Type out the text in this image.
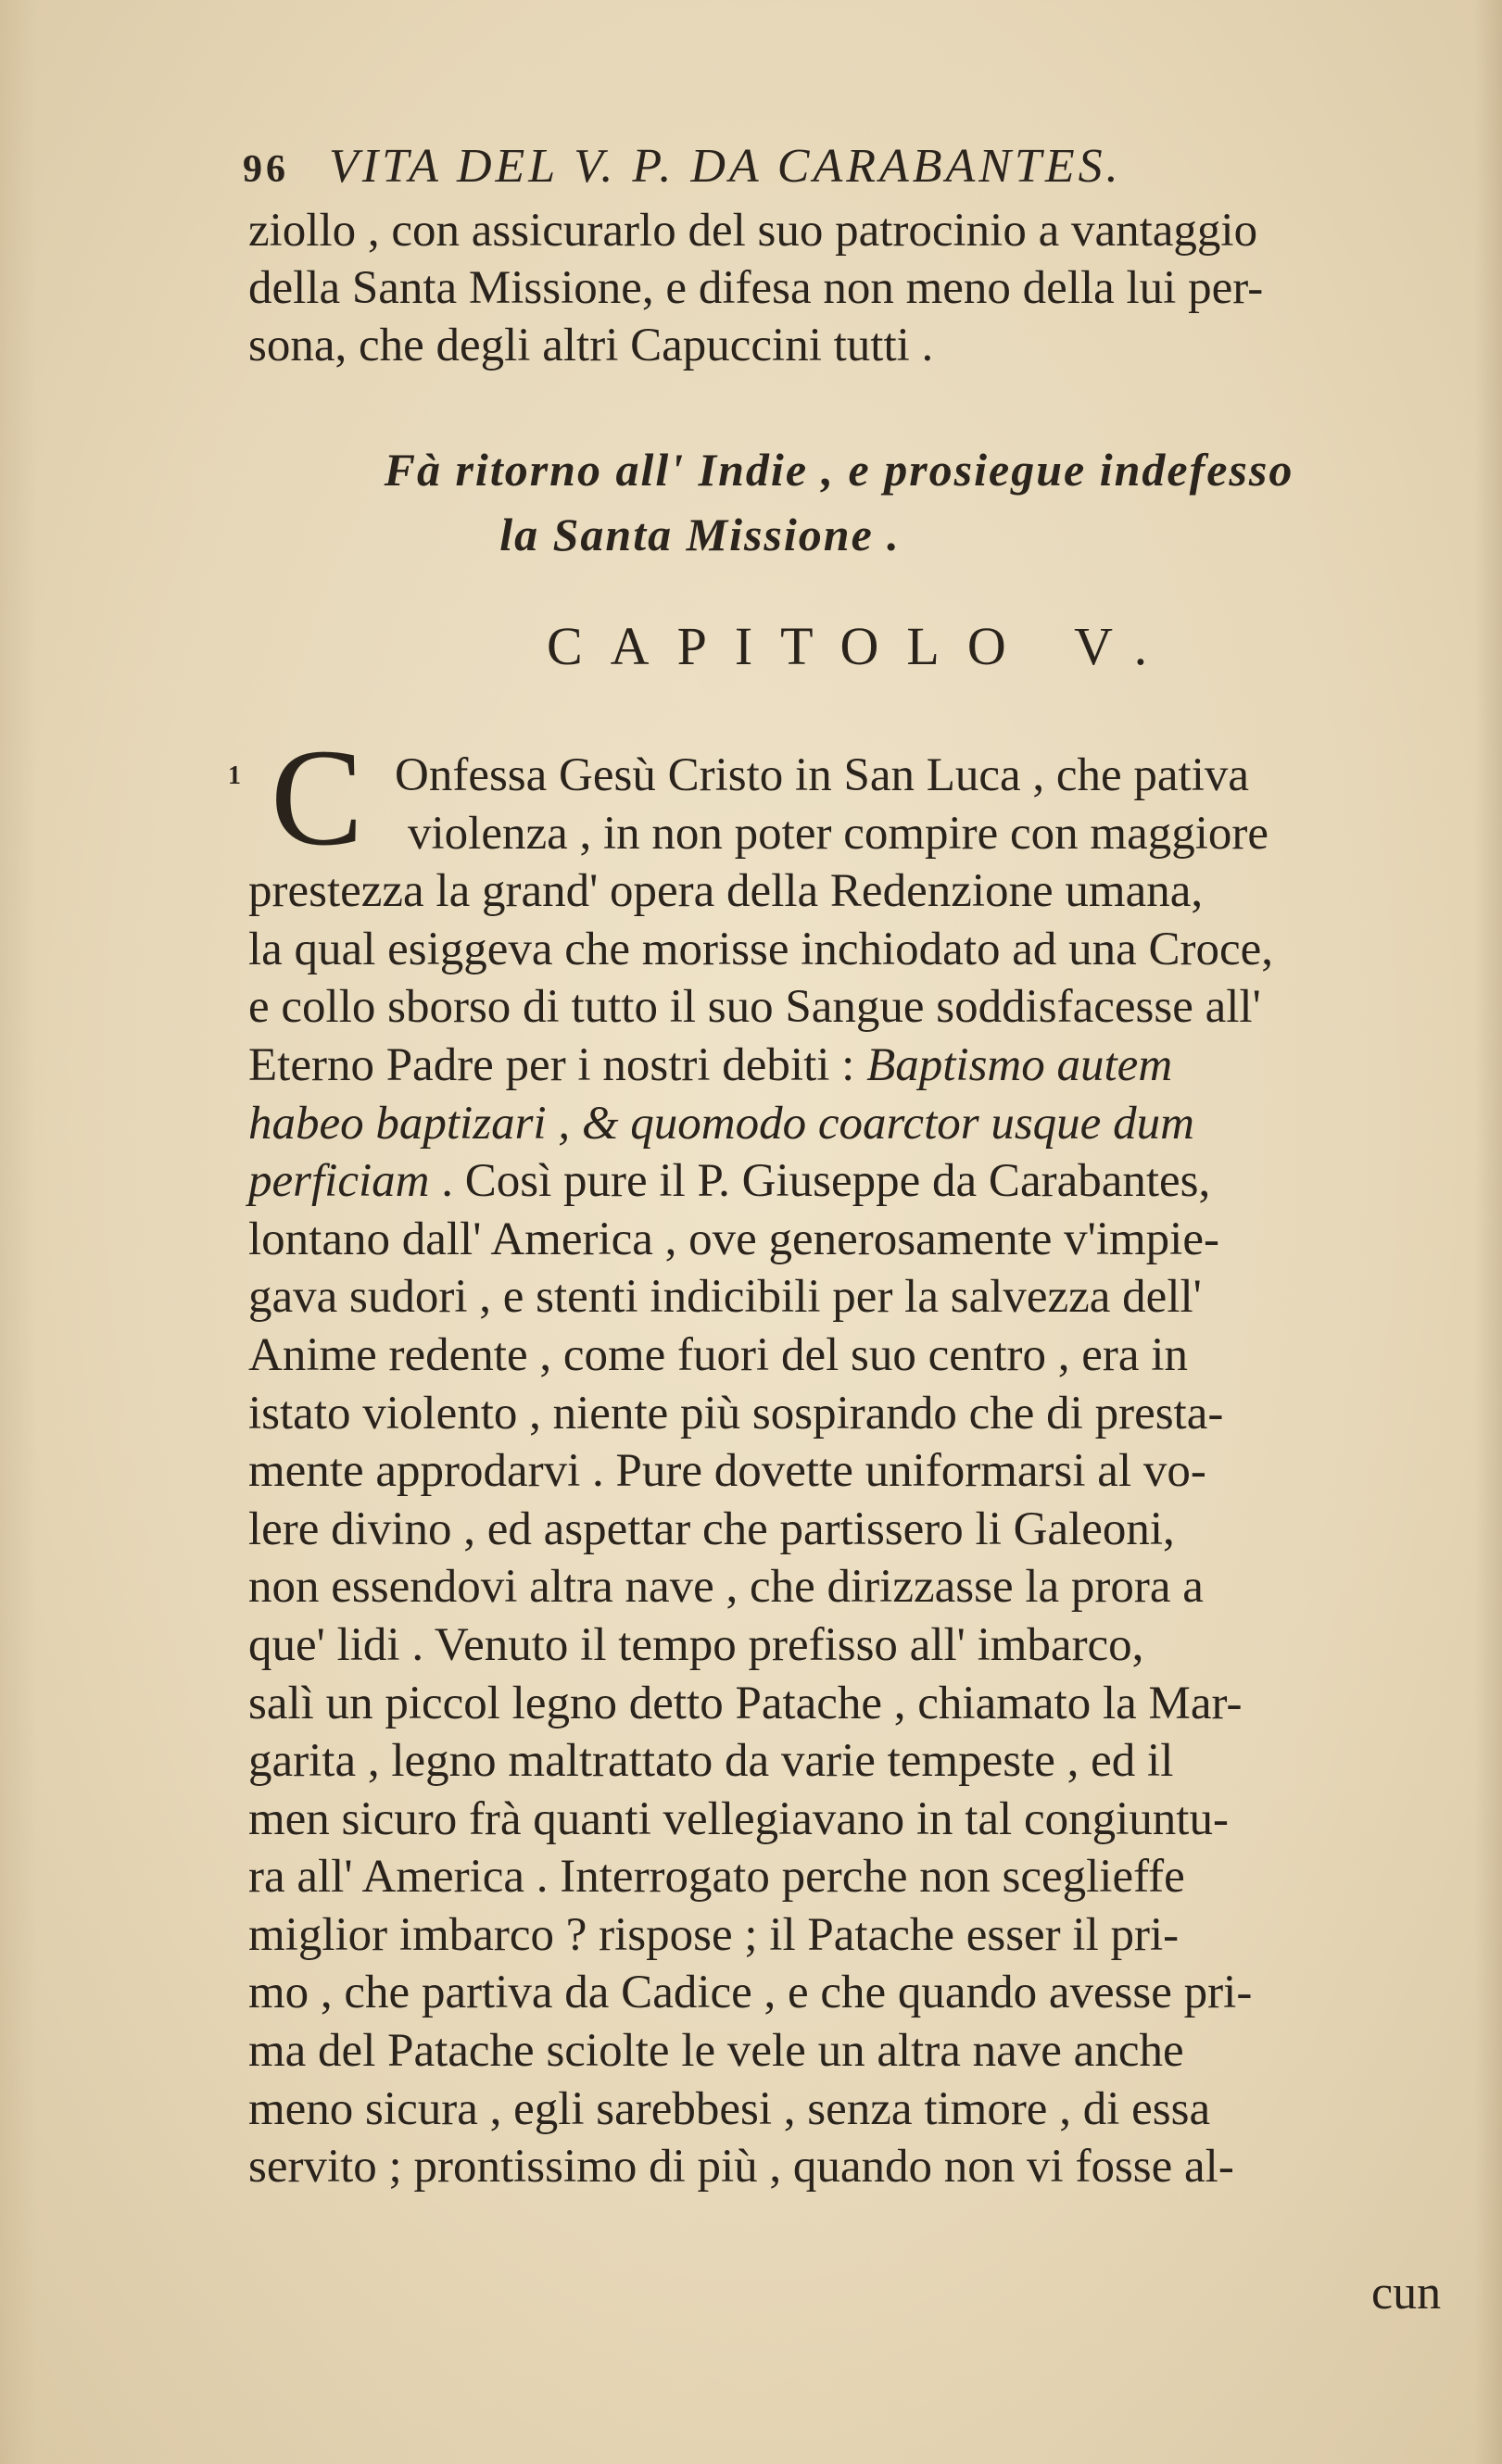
96 VITA DEL V. P. DA CARABANTES.
ziollo , con assicurarlo del suo patrocinio a vantaggio
della Santa Missione, e difesa non meno della lui per-
sona, che degli altri Capuccini tutti .
Fà ritorno all' Indie , e prosiegue indefesso
la Santa Missione .
CAPITOLO V.
1 C Onfessa Gesù Cristo in San Luca , che pativa
violenza , in non poter compire con maggiore
prestezza la grand' opera della Redenzione umana,
la qual esiggeva che morisse inchiodato ad una Croce,
e collo sborso di tutto il suo Sangue soddisfacesse all'
Eterno Padre per i nostri debiti : Baptismo autem
habeo baptizari , & quomodo coarctor usque dum
perficiam . Così pure il P. Giuseppe da Carabantes,
lontano dall' America , ove generosamente v'impie-
gava sudori , e stenti indicibili per la salvezza dell'
Anime redente , come fuori del suo centro , era in
istato violento , niente più sospirando che di presta-
mente approdarvi . Pure dovette uniformarsi al vo-
lere divino , ed aspettar che partissero li Galeoni,
non essendovi altra nave , che dirizzasse la prora a
que' lidi . Venuto il tempo prefisso all' imbarco,
salì un piccol legno detto Patache , chiamato la Mar-
garita , legno maltrattato da varie tempeste , ed il
men sicuro frà quanti vellegiavano in tal congiuntu-
ra all' America . Interrogato perche non sceglieffe
miglior imbarco ? rispose ; il Patache esser il pri-
mo , che partiva da Cadice , e che quando avesse pri-
ma del Patache sciolte le vele un altra nave anche
meno sicura , egli sarebbesi , senza timore , di essa
servito ; prontissimo di più , quando non vi fosse al-
cun
